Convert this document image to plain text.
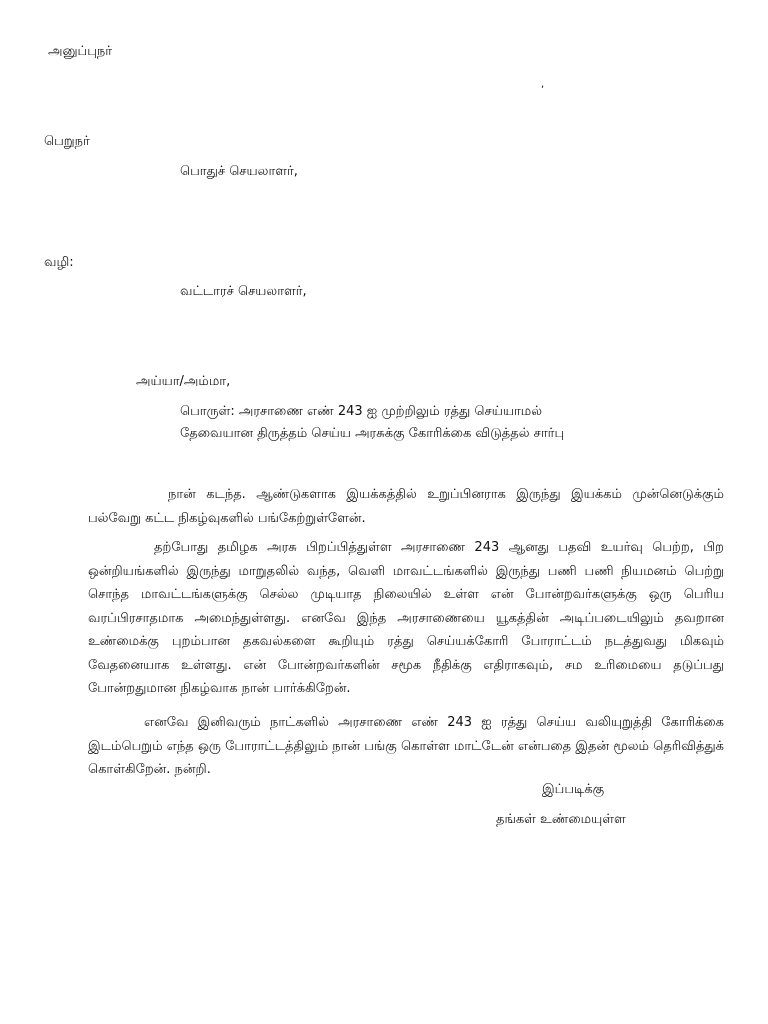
அனுப்புநர்
,
பெறுநர்
பொதுச் செயலாளர்,
வழி:
வட்டாரச் செயலாளர்,
அய்யா/அம்மா,
பொருள்: அரசாணை எண் 243 ஐ முற்றிலும் ரத்து செய்யாமல்
தேவையான திருத்தம் செய்ய அரசுக்கு கோரிக்கை விடுத்தல் சார்பு
நான் கடந்த. ஆண்டுகளாக இயக்கத்தில் உறுப்பினராக இருந்து இயக்கம் முன்னெடுக்கும் பல்வேறு கட்ட நிகழ்வுகளில் பங்கேற்றுள்ளேன்.
தற்போது தமிழக அரசு பிறப்பித்துள்ள அரசாணை 243 ஆனது பதவி உயர்வு பெற்ற, பிற ஒன்றியங்களில் இருந்து மாறுதலில் வந்த, வெளி மாவட்டங்களில் இருந்து பணி பணி நியமனம் பெற்று சொந்த மாவட்டங்களுக்கு செல்ல முடியாத நிலையில் உள்ள என் போன்றவர்களுக்கு ஒரு பெரிய வரப்பிரசாதமாக அமைந்துள்ளது. எனவே இந்த அரசாணையை யூகத்தின் அடிப்படையிலும் தவறான உண்மைக்கு புறம்பான தகவல்களை கூறியும் ரத்து செய்யக்கோரி போராட்டம் நடத்துவது மிகவும் வேதனையாக உள்ளது. என் போன்றவர்களின் சமூக நீதிக்கு எதிராகவும், சம உரிமையை தடுப்பது போன்றதுமான நிகழ்வாக நான் பார்க்கிறேன்.
எனவே இனிவரும் நாட்களில் அரசாணை எண் 243 ஐ ரத்து செய்ய வலியுறுத்தி கோரிக்கை இடம்பெறும் எந்த ஒரு போராட்டத்திலும் நான் பங்கு கொள்ள மாட்டேன் என்பதை இதன் மூலம் தெரிவித்துக் கொள்கிறேன். நன்றி.
இப்படிக்கு
தங்கள் உண்மையுள்ள
